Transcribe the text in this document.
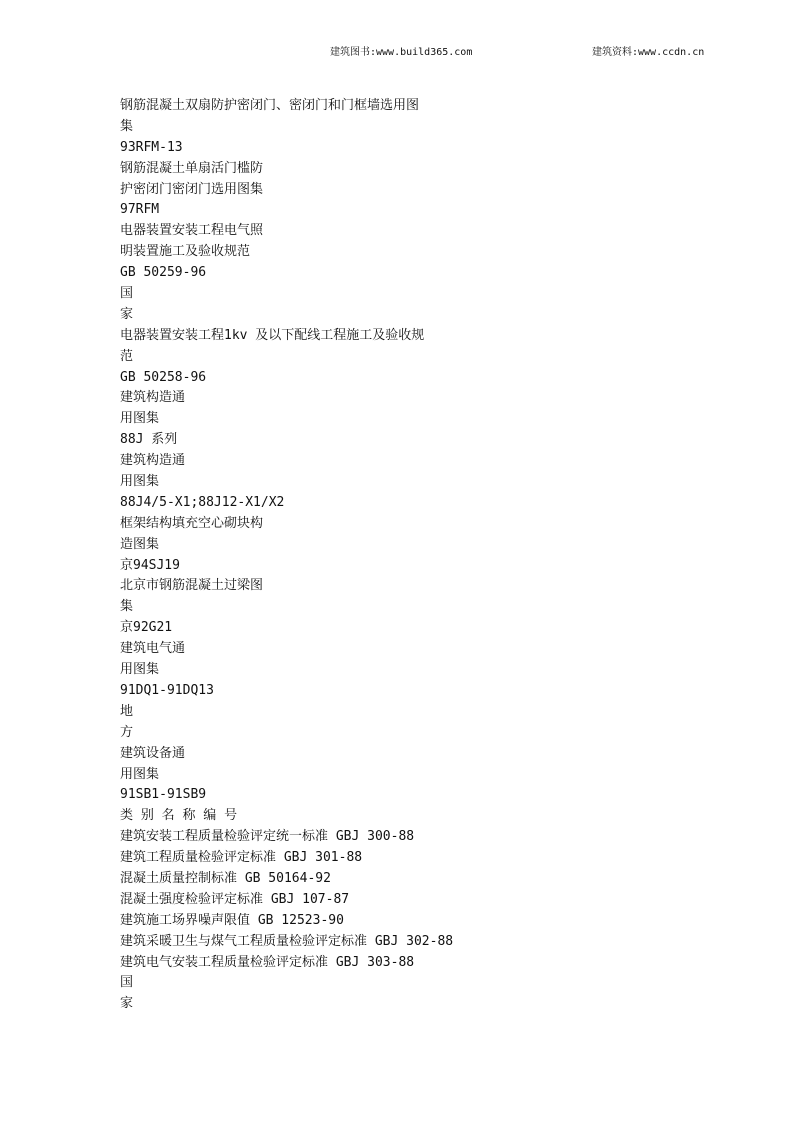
建筑图书:www.build365.com	建筑资料:www.ccdn.cn
钢筋混凝土双扇防护密闭门、密闭门和门框墙选用图
集
93RFM-13
钢筋混凝土单扇活门槛防
护密闭门密闭门选用图集
97RFM
电器装置安装工程电气照
明装置施工及验收规范
GB 50259-96
国
家
电器装置安装工程1kv 及以下配线工程施工及验收规
范
GB 50258-96
建筑构造通
用图集
88J 系列
建筑构造通
用图集
88J4/5-X1;88J12-X1/X2
框架结构填充空心砌块构
造图集
京94SJ19
北京市钢筋混凝土过梁图
集
京92G21
建筑电气通
用图集
91DQ1-91DQ13
地
方
建筑设备通
用图集
91SB1-91SB9
类 别 名 称 编 号
建筑安装工程质量检验评定统一标准 GBJ 300-88
建筑工程质量检验评定标准 GBJ 301-88
混凝土质量控制标准 GB 50164-92
混凝土强度检验评定标准 GBJ 107-87
建筑施工场界噪声限值 GB 12523-90
建筑采暖卫生与煤气工程质量检验评定标准 GBJ 302-88
建筑电气安装工程质量检验评定标准 GBJ 303-88
国
家
